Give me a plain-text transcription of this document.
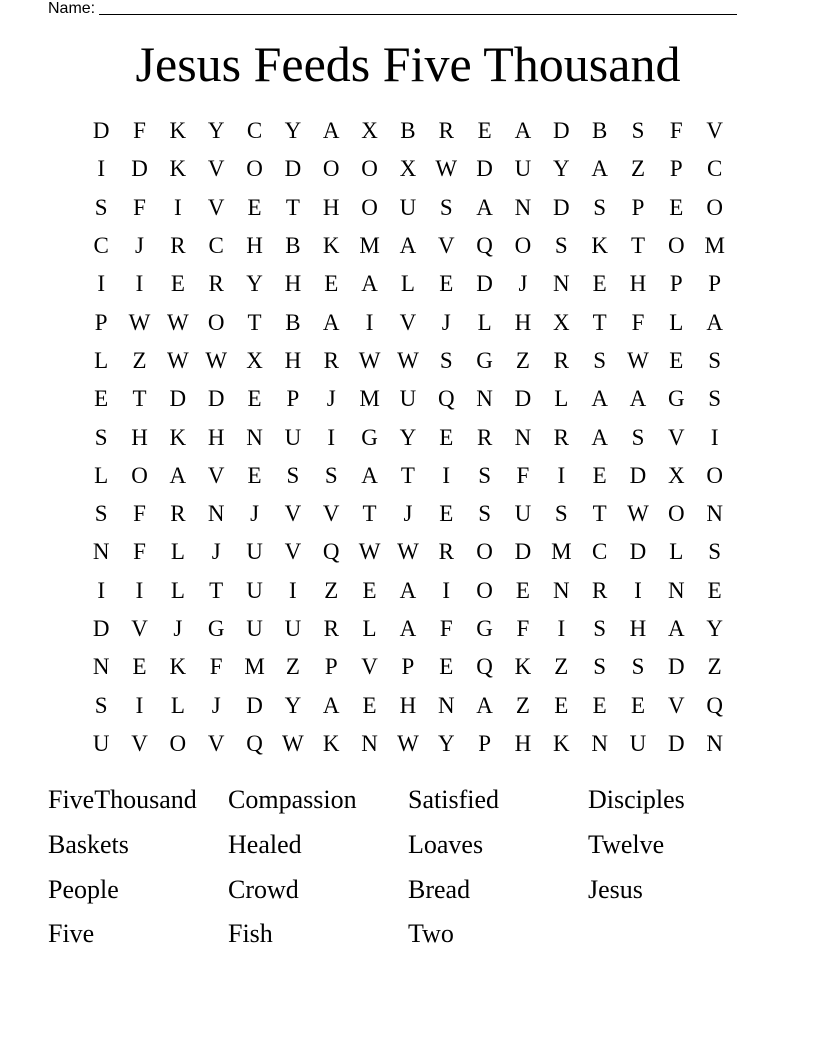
Name:
Jesus Feeds Five Thousand
D	F	K Y C Y A X B	R	E	A D B	S	F	V
I	D K V O D O O X W D U Y A	Z	P	C
S	F	I	V	E	T	H O U	S	A N D	S	P	E	O
C	J	R	C H B K M A V Q O	S	K	T	O M
I	I	E	R Y H	E	A	L	E	D	J	N	E	H	P	P
P W W O	T	B A	I	V	J	L	H X	T	F	L	A
L	Z W W X H R W W S	G	Z	R	S W E	S
E	T	D D	E	P	J	M U Q N D	L	A A G	S
S	H K H N U	I	G Y	E	R N R A	S	V	I
L	O A V	E	S	S	A	T	I	S	F	I	E	D X O
S	F	R N	J	V V	T	J	E	S	U	S	T W O N
N	F	L	J	U V Q W W R O D M C D	L	S
I	I	L	T	U	I	Z	E	A	I	O	E	N R	I	N	E
D V	J	G U U R	L	A	F	G	F	I	S	H A Y
N	E	K	F M Z	P	V	P	E	Q K	Z	S	S	D	Z
S	I	L	J	D Y A	E	H N A	Z	E	E	E	V Q
U V O V Q W K N W Y	P	H K N U D N
FiveThousand	Compassion	Satisfied	Disciples
Baskets	Healed	Loaves	Twelve
People	Crowd	Bread	Jesus
Five	Fish	Two
